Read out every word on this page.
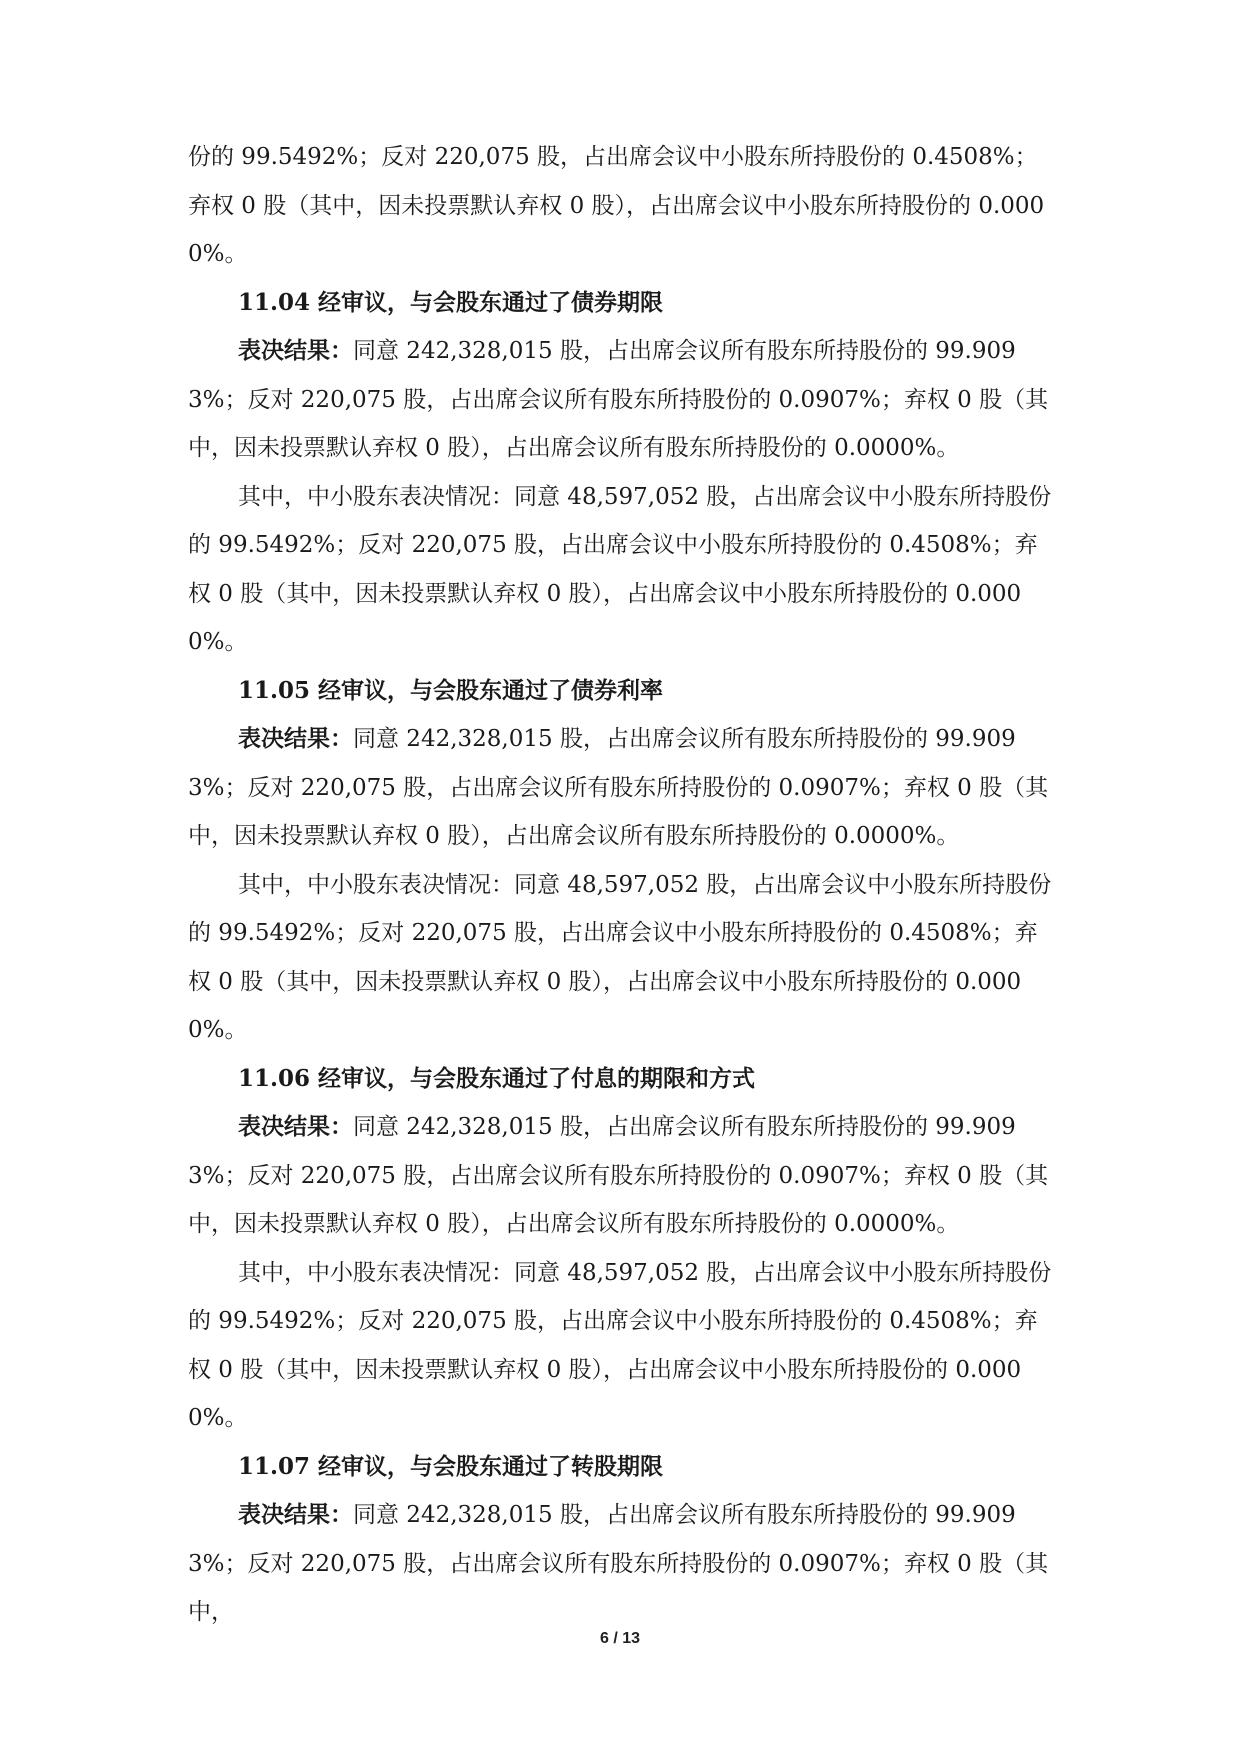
份的 99.5492%；反对 220,075 股，占出席会议中小股东所持股份的 0.4508%；弃权 0 股（其中，因未投票默认弃权 0 股），占出席会议中小股东所持股份的 0.0000%。

11.04 经审议，与会股东通过了债券期限

表决结果：同意 242,328,015 股，占出席会议所有股东所持股份的 99.9093%；反对 220,075 股，占出席会议所有股东所持股份的 0.0907%；弃权 0 股（其中，因未投票默认弃权 0 股），占出席会议所有股东所持股份的 0.0000%。

其中，中小股东表决情况：同意 48,597,052 股，占出席会议中小股东所持股份的 99.5492%；反对 220,075 股，占出席会议中小股东所持股份的 0.4508%；弃权 0 股（其中，因未投票默认弃权 0 股），占出席会议中小股东所持股份的 0.0000%。

11.05 经审议，与会股东通过了债券利率

表决结果：同意 242,328,015 股，占出席会议所有股东所持股份的 99.9093%；反对 220,075 股，占出席会议所有股东所持股份的 0.0907%；弃权 0 股（其中，因未投票默认弃权 0 股），占出席会议所有股东所持股份的 0.0000%。

其中，中小股东表决情况：同意 48,597,052 股，占出席会议中小股东所持股份的 99.5492%；反对 220,075 股，占出席会议中小股东所持股份的 0.4508%；弃权 0 股（其中，因未投票默认弃权 0 股），占出席会议中小股东所持股份的 0.0000%。

11.06 经审议，与会股东通过了付息的期限和方式

表决结果：同意 242,328,015 股，占出席会议所有股东所持股份的 99.9093%；反对 220,075 股，占出席会议所有股东所持股份的 0.0907%；弃权 0 股（其中，因未投票默认弃权 0 股），占出席会议所有股东所持股份的 0.0000%。

其中，中小股东表决情况：同意 48,597,052 股，占出席会议中小股东所持股份的 99.5492%；反对 220,075 股，占出席会议中小股东所持股份的 0.4508%；弃权 0 股（其中，因未投票默认弃权 0 股），占出席会议中小股东所持股份的 0.0000%。

11.07 经审议，与会股东通过了转股期限

表决结果：同意 242,328,015 股，占出席会议所有股东所持股份的 99.9093%；反对 220,075 股，占出席会议所有股东所持股份的 0.0907%；弃权 0 股（其中，

6 / 13
